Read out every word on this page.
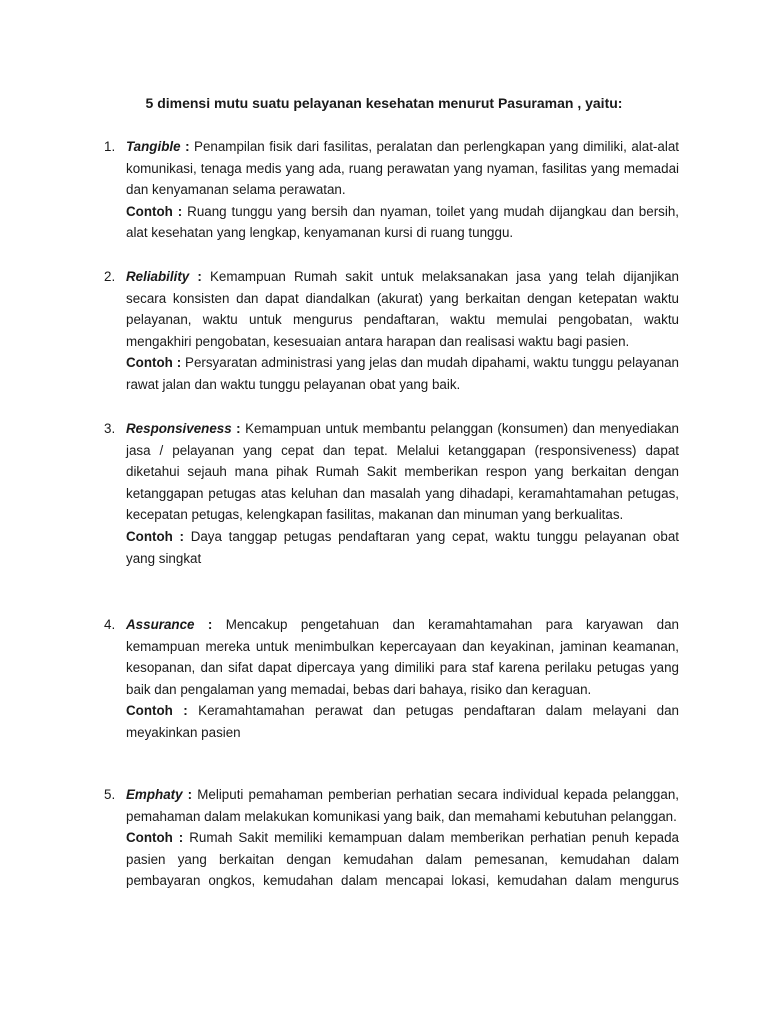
5 dimensi mutu suatu pelayanan kesehatan menurut Pasuraman , yaitu:
1. Tangible : Penampilan fisik dari fasilitas, peralatan dan perlengkapan yang dimiliki, alat-alat komunikasi, tenaga medis yang ada, ruang perawatan yang nyaman, fasilitas yang memadai dan kenyamanan selama perawatan.

Contoh : Ruang tunggu yang bersih dan nyaman, toilet yang mudah dijangkau dan bersih, alat kesehatan yang lengkap, kenyamanan kursi di ruang tunggu.

2. Reliability : Kemampuan Rumah sakit untuk melaksanakan jasa yang telah dijanjikan secara konsisten dan dapat diandalkan (akurat) yang berkaitan dengan ketepatan waktu pelayanan, waktu untuk mengurus pendaftaran, waktu memulai pengobatan, waktu mengakhiri pengobatan, kesesuaian antara harapan dan realisasi waktu bagi pasien.

Contoh : Persyaratan administrasi yang jelas dan mudah dipahami, waktu tunggu pelayanan rawat jalan dan waktu tunggu pelayanan obat yang baik.

3. Responsiveness : Kemampuan untuk membantu pelanggan (konsumen) dan menyediakan jasa / pelayanan yang cepat dan tepat. Melalui ketanggapan (responsiveness) dapat diketahui sejauh mana pihak Rumah Sakit memberikan respon yang berkaitan dengan ketanggapan petugas atas keluhan dan masalah yang dihadapi, keramahtamahan petugas, kecepatan petugas, kelengkapan fasilitas, makanan dan minuman yang berkualitas.

Contoh : Daya tanggap petugas pendaftaran yang cepat, waktu tunggu pelayanan obat yang singkat

4. Assurance : Mencakup pengetahuan dan keramahtamahan para karyawan dan kemampuan mereka untuk menimbulkan kepercayaan dan keyakinan, jaminan keamanan, kesopanan, dan sifat dapat dipercaya yang dimiliki para staf karena perilaku petugas yang baik dan pengalaman yang memadai, bebas dari bahaya, risiko dan keraguan.

Contoh : Keramahtamahan perawat dan petugas pendaftaran dalam melayani dan meyakinkan pasien

5. Emphaty : Meliputi pemahaman pemberian perhatian secara individual kepada pelanggan, pemahaman dalam melakukan komunikasi yang baik, dan memahami kebutuhan pelanggan.

Contoh : Rumah Sakit memiliki kemampuan dalam memberikan perhatian penuh kepada pasien yang berkaitan dengan kemudahan dalam pemesanan, kemudahan dalam pembayaran ongkos, kemudahan dalam mencapai lokasi, kemudahan dalam mengurus
